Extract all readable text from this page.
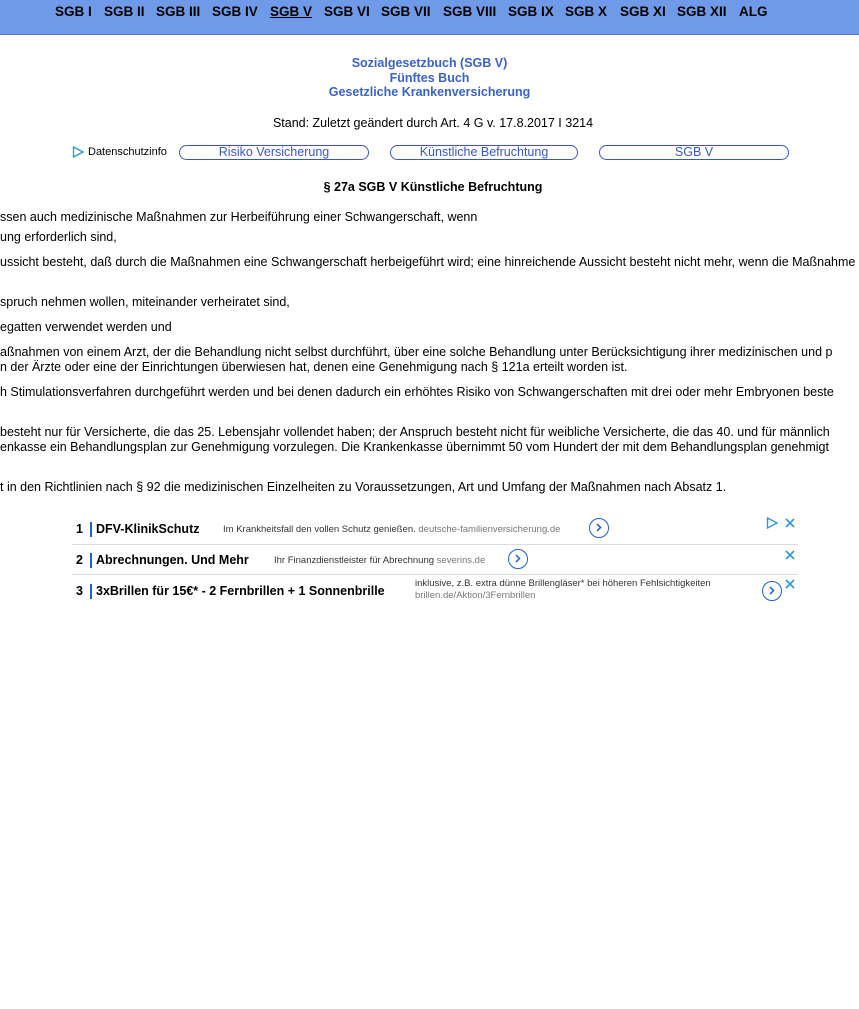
SGB I SGB II SGB III SGB IV SGB V SGB VI SGB VII SGB VIII SGB IX SGB X SGB XI SGB XII ALG
Sozialgesetzbuch (SGB V)
Fünftes Buch
Gesetzliche Krankenversicherung
Stand: Zuletzt geändert durch Art. 4 G v. 17.8.2017 I 3214
Datenschutzinfo	Risiko Versicherung	Künstliche Befruchtung	SGB V
§ 27a SGB V Künstliche Befruchtung
ssen auch medizinische Maßnahmen zur Herbeiführung einer Schwangerschaft, wenn
ung erforderlich sind,
ussicht besteht, daß durch die Maßnahmen eine Schwangerschaft herbeigeführt wird; eine hinreichende Aussicht besteht nicht mehr, wenn die Maßnahme
spruch nehmen wollen, miteinander verheiratet sind,
egatten verwendet werden und
aßnahmen von einem Arzt, der die Behandlung nicht selbst durchführt, über eine solche Behandlung unter Berücksichtigung ihrer medizinischen und p
n der Ärzte oder eine der Einrichtungen überwiesen hat, denen eine Genehmigung nach § 121a erteilt worden ist.
h Stimulationsverfahren durchgeführt werden und bei denen dadurch ein erhöhtes Risiko von Schwangerschaften mit drei oder mehr Embryonen beste
besteht nur für Versicherte, die das 25. Lebensjahr vollendet haben; der Anspruch besteht nicht für weibliche Versicherte, die das 40. und für männlich
enkasse ein Behandlungsplan zur Genehmigung vorzulegen. Die Krankenkasse übernimmt 50 vom Hundert der mit dem Behandlungsplan genehmigt
t in den Richtlinien nach § 92 die medizinischen Einzelheiten zu Voraussetzungen, Art und Umfang der Maßnahmen nach Absatz 1.
1 DFV-KlinikSchutz Im Krankheitsfall den vollen Schutz genießen. deutsche-familienversicherung.de
2 Abrechnungen. Und Mehr	Ihr Finanzdienstleister für Abrechnung severins.de
3 3xBrillen für 15€* - 2 Fernbrillen + 1 Sonnenbrille
inklusive, z.B. extra dünne Brillengläser* bei höheren Fehlsichtigkeiten
brillen.de/Aktion/3Fernbrillen
